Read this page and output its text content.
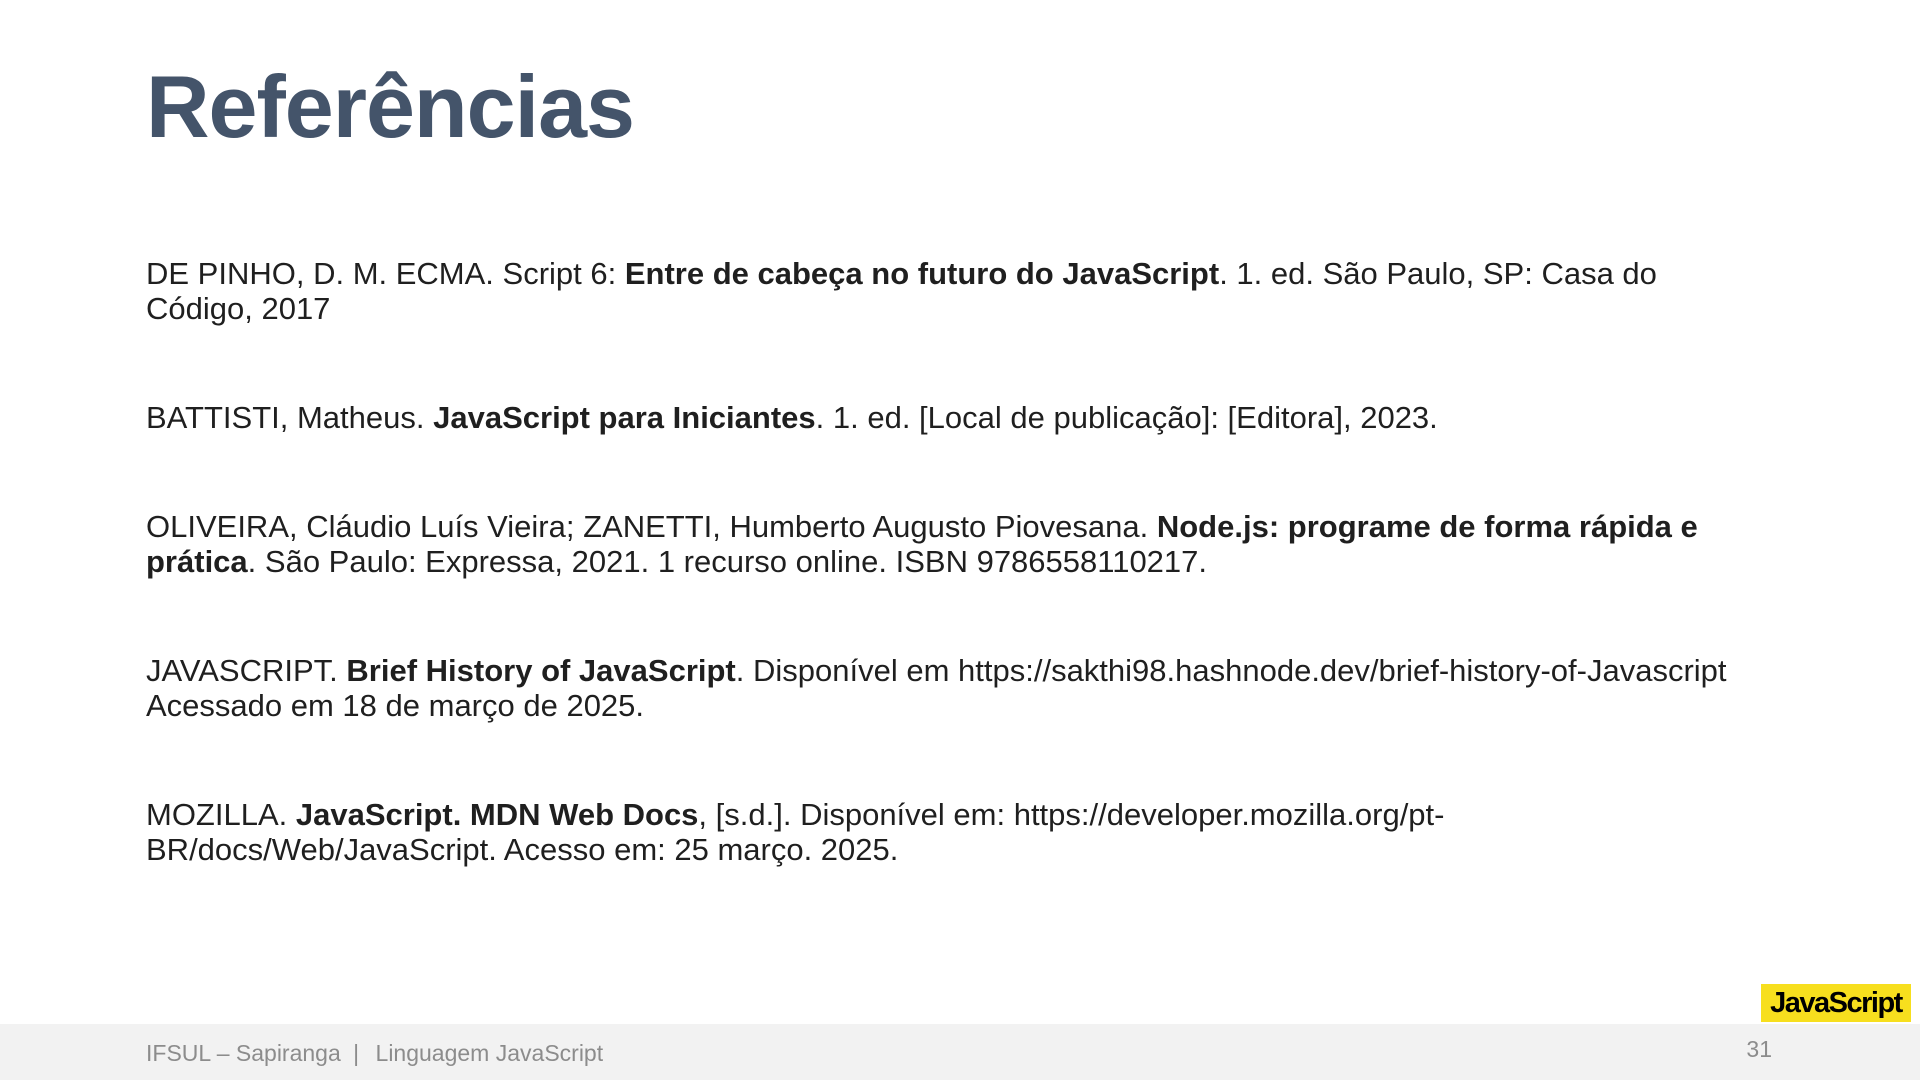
Referências
DE PINHO, D. M. ECMA. Script 6: Entre de cabeça no futuro do JavaScript. 1. ed. São Paulo, SP: Casa do Código, 2017
BATTISTI, Matheus. JavaScript para Iniciantes. 1. ed. [Local de publicação]: [Editora], 2023.
OLIVEIRA, Cláudio Luís Vieira; ZANETTI, Humberto Augusto Piovesana. Node.js: programe de forma rápida e prática. São Paulo: Expressa, 2021. 1 recurso online. ISBN 9786558110217.
JAVASCRIPT. Brief History of JavaScript. Disponível em https://sakthi98.hashnode.dev/brief-history-of-Javascript Acessado em 18 de março de 2025.
MOZILLA. JavaScript. MDN Web Docs, [s.d.]. Disponível em: https://developer.mozilla.org/pt-BR/docs/Web/JavaScript. Acesso em: 25 março. 2025.
JavaScript
IFSUL – Sapiranga | Linguagem JavaScript	31
